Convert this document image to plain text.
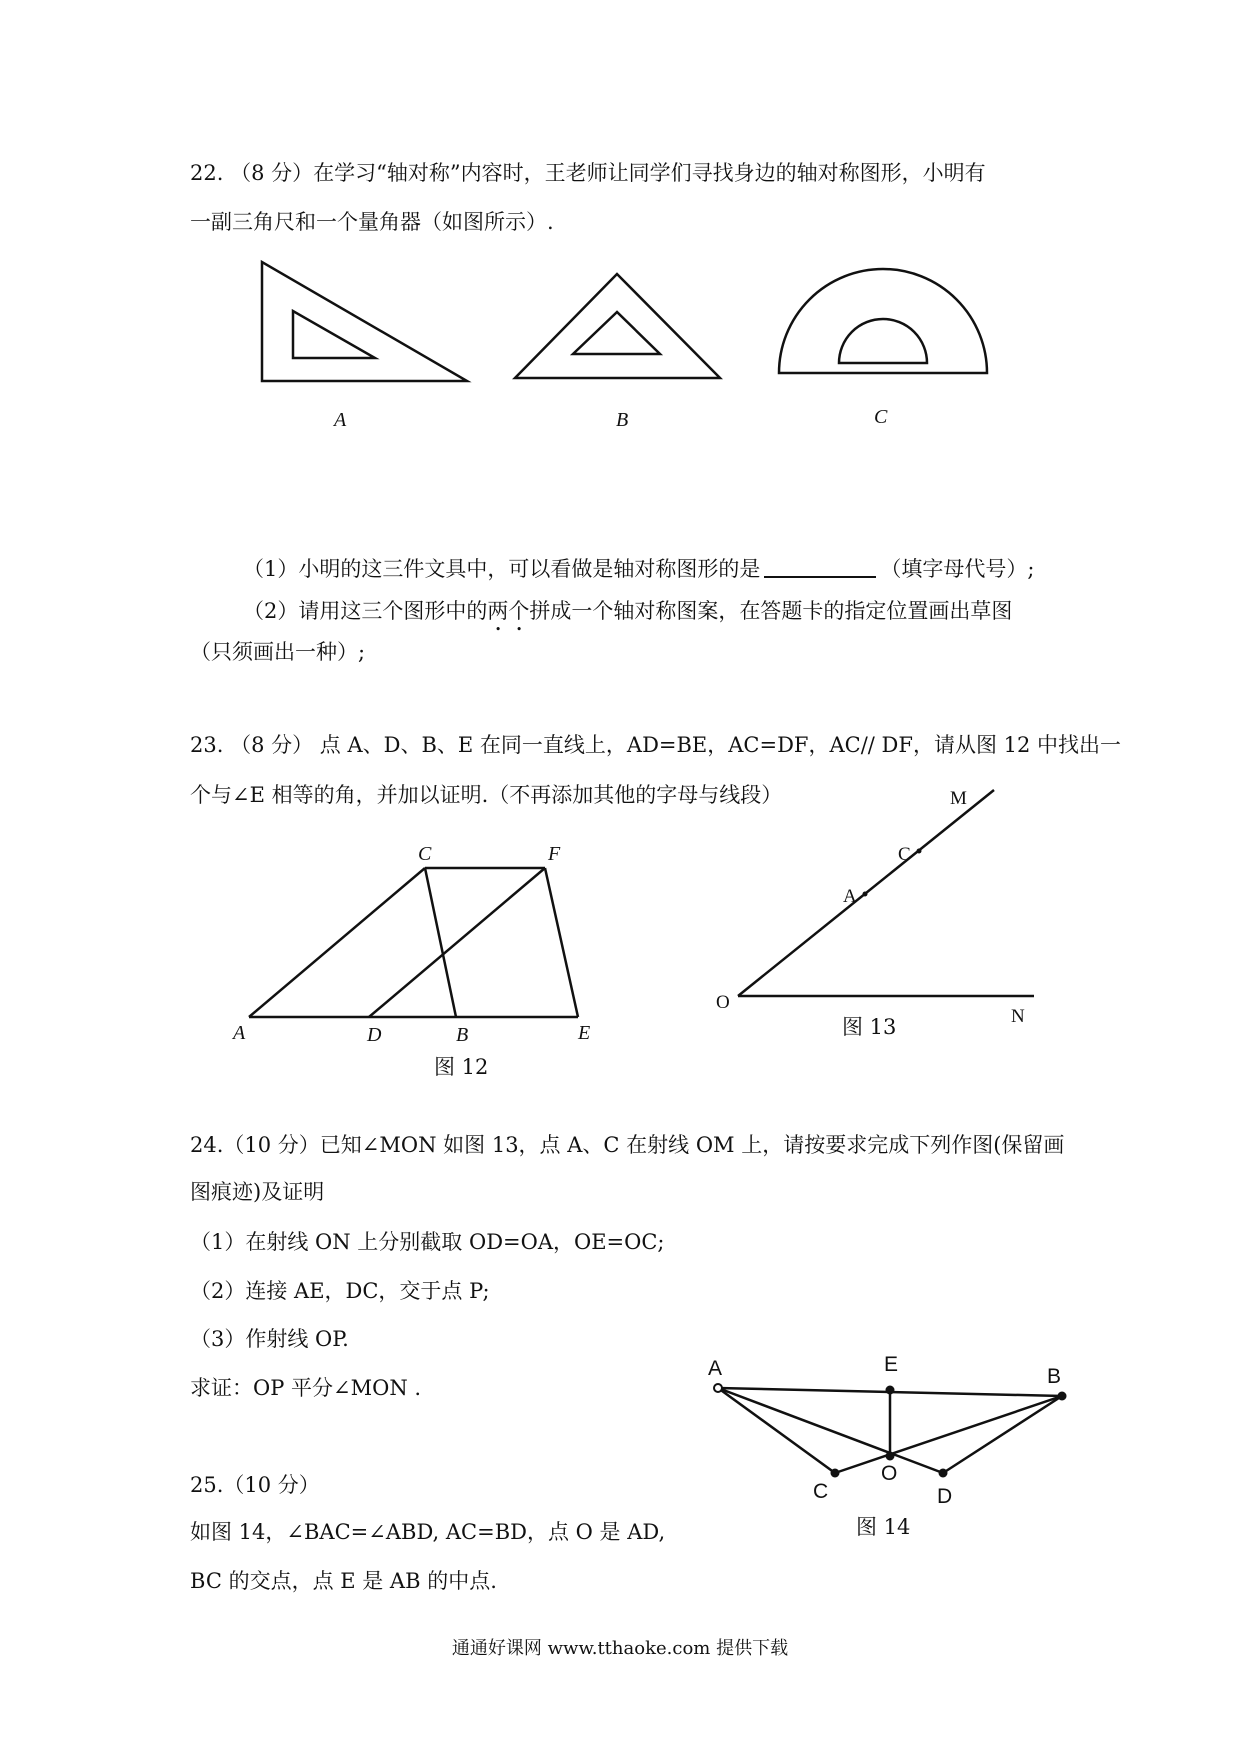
22. （8 分）在学习“轴对称”内容时，王老师让同学们寻找身边的轴对称图形，小明有
一副三角尺和一个量角器（如图所示）.
A	B	C
（1）小明的这三件文具中，可以看做是轴对称图形的是	（填字母代号）;
（2）请用这三个图形中的两个拼成一个轴对称图案，在答题卡的指定位置画出草图
（只须画出一种）;
23. （8 分） 点 A、D、B、E 在同一直线上，AD=BE，AC=DF，AC// DF，请从图 12 中找出一
个与∠E 相等的角，并加以证明.（不再添加其他的字母与线段）
A
C	F
D	B	E
图 12
M
C
A
O
N
图 13
24.（10 分）已知∠MON 如图 13，点 A、C 在射线 OM 上，请按要求完成下列作图(保留画
图痕迹)及证明
（1）在射线 ON 上分别截取 OD=OA，OE=OC;
（2）连接 AE，DC，交于点 P;
（3）作射线 OP.
求证：OP 平分∠MON .
25.（10 分）
如图 14，∠BAC=∠ABD, AC=BD，点 O 是 AD,
BC 的交点，点 E 是 AB 的中点.
A	E
B
C
O
D
图 14
通通好课网 www.tthaoke.com 提供下载
